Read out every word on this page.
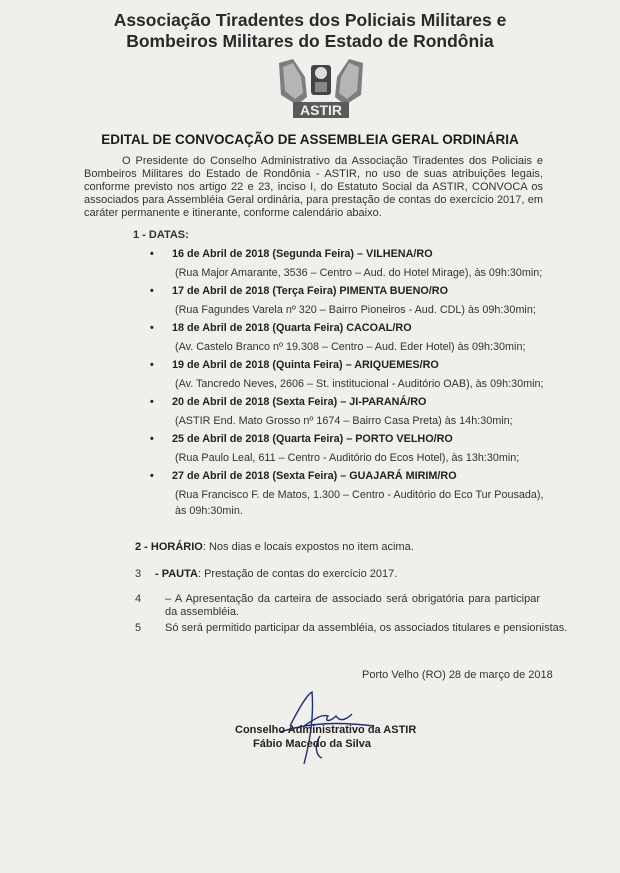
Associação Tiradentes dos Policiais Militares e
Bombeiros Militares do Estado de Rondônia
ASTIR
EDITAL DE CONVOCAÇÃO DE ASSEMBLEIA GERAL ORDINÁRIA
O Presidente do Conselho Administrativo da Associação Tiradentes dos Policiais e Bombeiros Militares do Estado de Rondônia - ASTIR, no uso de suas atribuições legais, conforme previsto nos artigo 22 e 23, inciso I, do Estatuto Social da ASTIR, CONVOCA os associados para Assembléia Geral ordinária, para prestação de contas do exercício 2017, em caráter permanente e itinerante, conforme calendário abaixo.
1 - DATAS:
• 16 de Abril de 2018 (Segunda Feira) – VILHENA/RO
(Rua Major Amarante, 3536 – Centro – Aud. do Hotel Mirage), às 09h:30min;
• 17 de Abril de 2018 (Terça Feira) PIMENTA BUENO/RO
(Rua Fagundes Varela nº 320 – Bairro Pioneiros - Aud. CDL) às 09h:30min;
• 18 de Abril de 2018 (Quarta Feira) CACOAL/RO
(Av. Castelo Branco nº 19.308 – Centro – Aud. Eder Hotel) às 09h:30min;
• 19 de Abril de 2018 (Quinta Feira) – ARIQUEMES/RO
(Av. Tancredo Neves, 2606 – St. institucional - Auditório OAB), às 09h:30min;
• 20 de Abril de 2018 (Sexta Feira) – JI-PARANÁ/RO
(ASTIR End. Mato Grosso nº 1674 – Bairro Casa Preta) às 14h:30min;
• 25 de Abril de 2018 (Quarta Feira) – PORTO VELHO/RO
(Rua Paulo Leal, 611 – Centro - Auditório do Ecos Hotel), às 13h:30min;
• 27 de Abril de 2018 (Sexta Feira) – GUAJARÁ MIRIM/RO
(Rua Francisco F. de Matos, 1.300 – Centro - Auditório do Eco Tur Pousada),
às 09h:30min.
2 - HORÁRIO: Nos dias e locais expostos no item acima.
3 - PAUTA: Prestação de contas do exercício 2017.
4 – A Apresentação da carteira de associado será obrigatória para participar da assembléia.
5 Só será permitido participar da assembléia, os associados titulares e pensionistas.
Porto Velho (RO) 28 de março de 2018
Conselho Administrativo da ASTIR
Fábio Macedo da Silva
